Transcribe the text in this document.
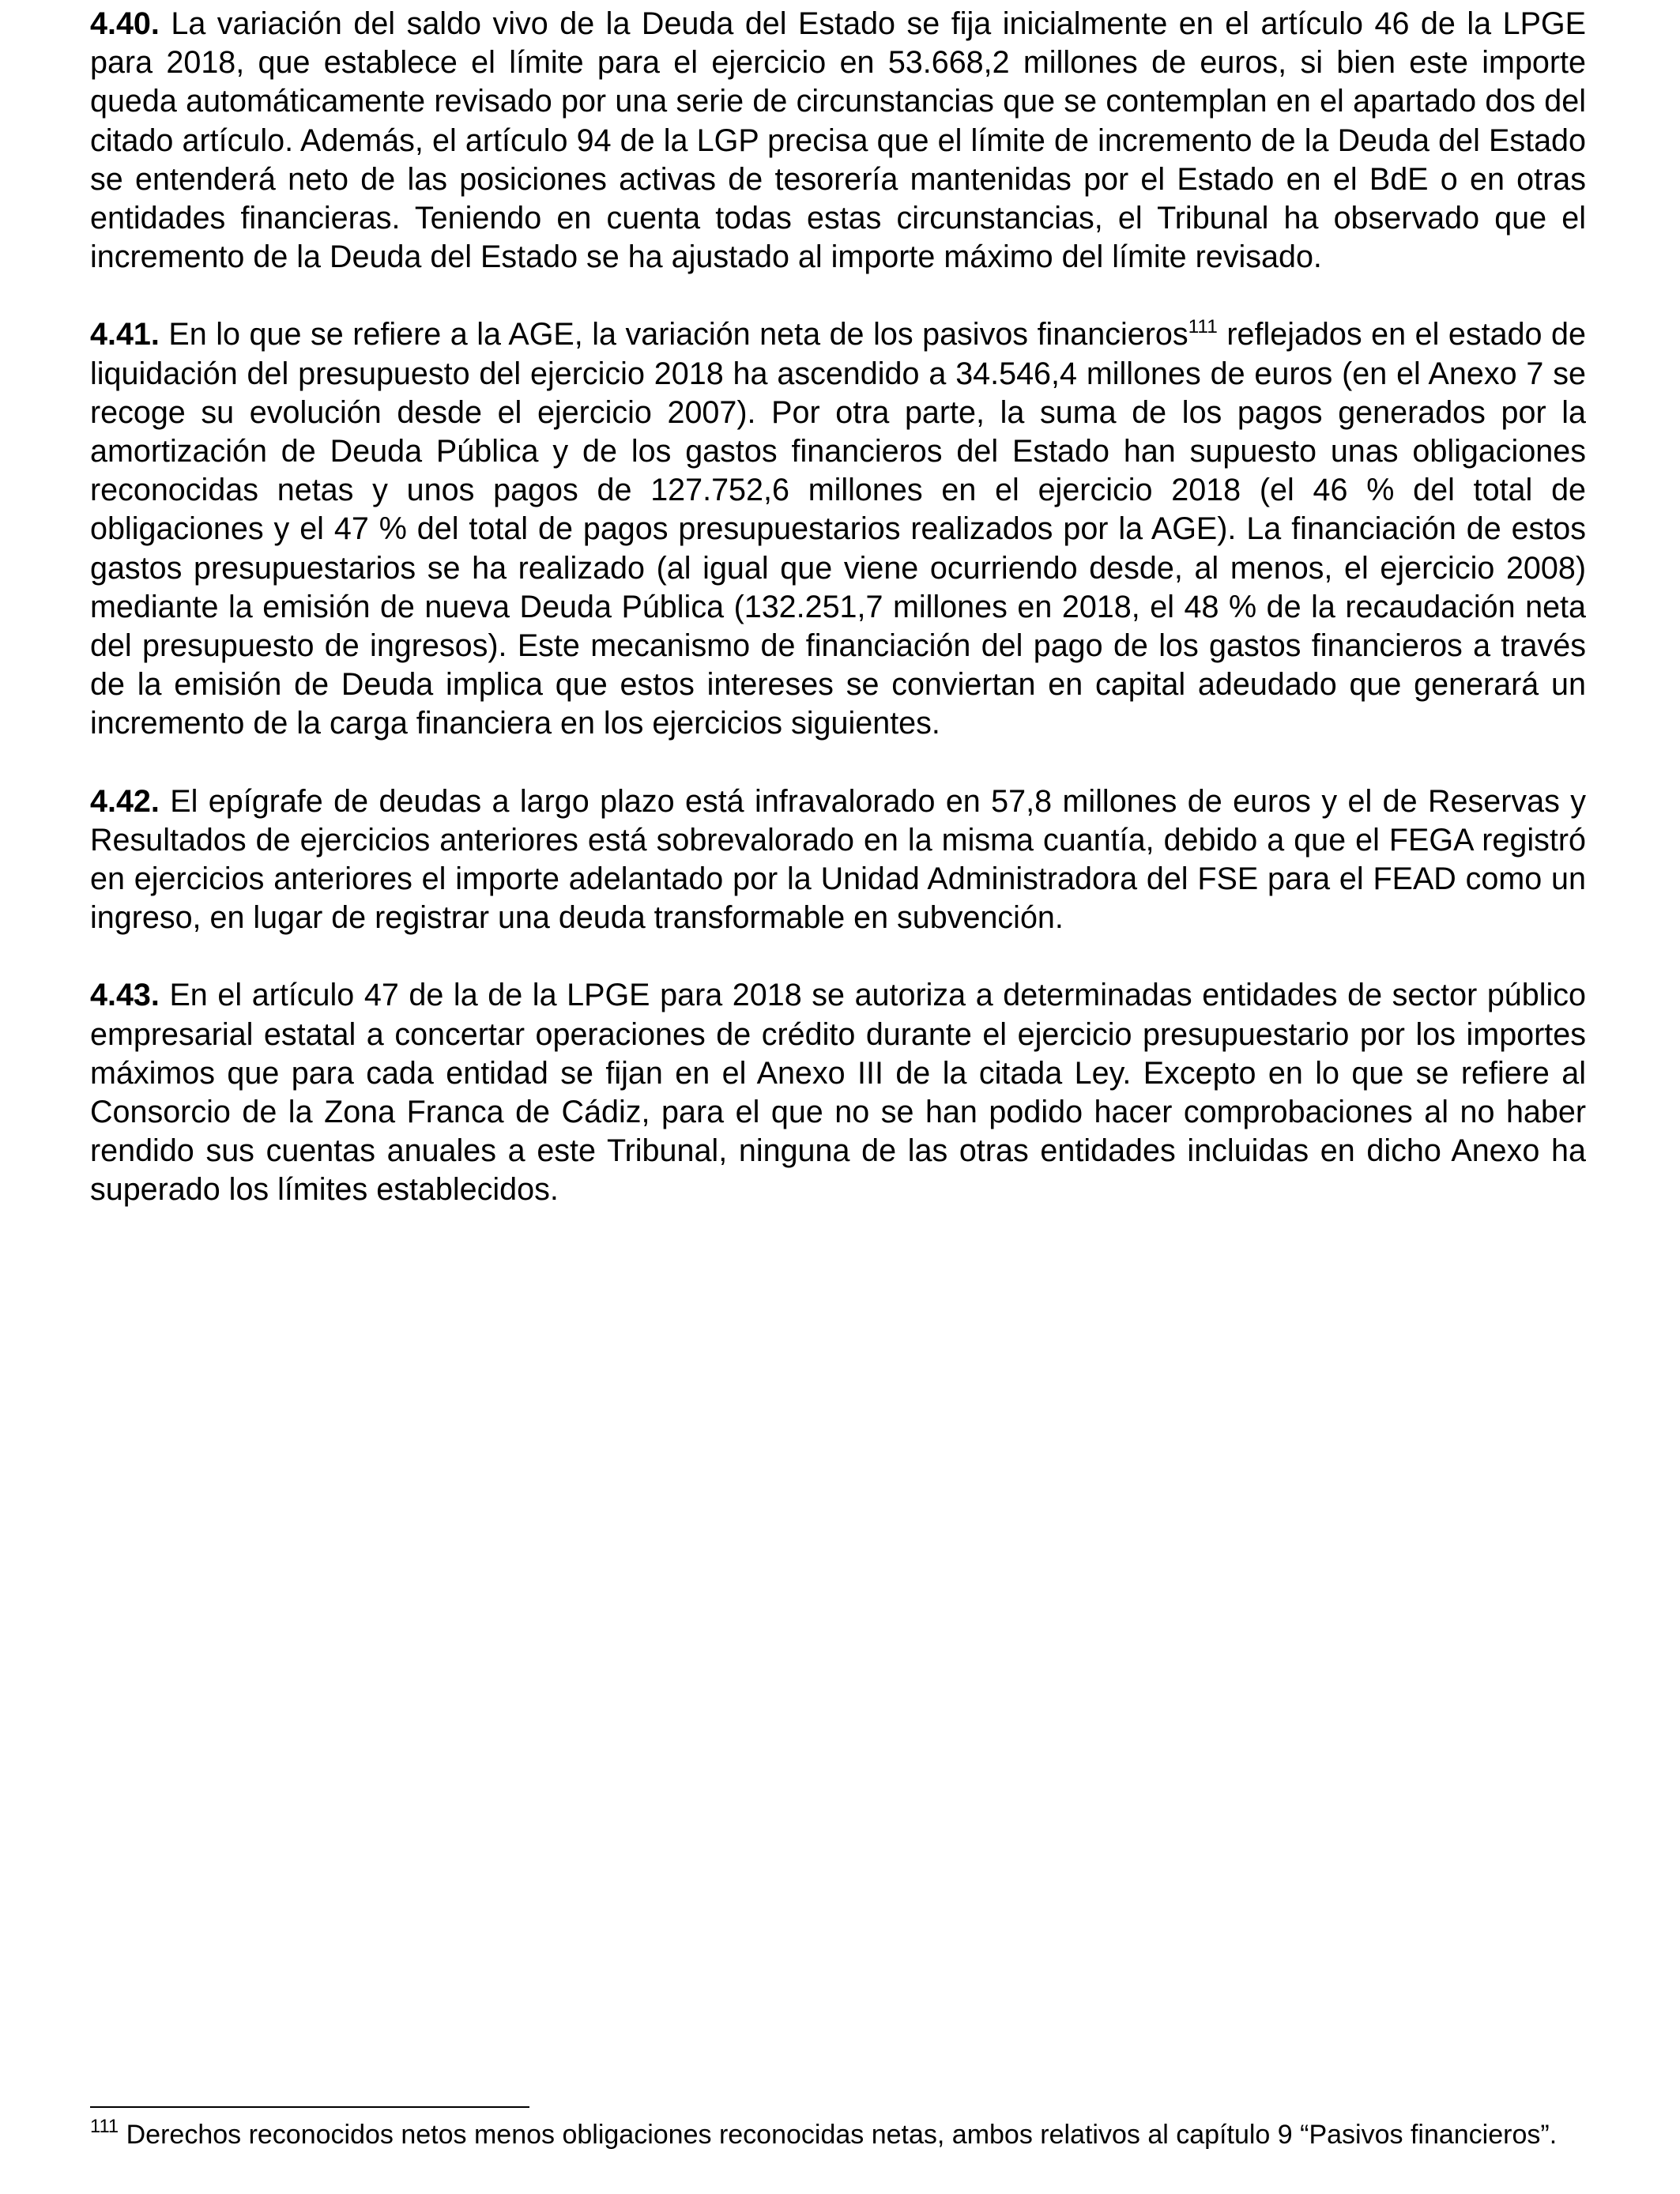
4.40. La variación del saldo vivo de la Deuda del Estado se fija inicialmente en el artículo 46 de la LPGE para 2018, que establece el límite para el ejercicio en 53.668,2 millones de euros, si bien este importe queda automáticamente revisado por una serie de circunstancias que se contemplan en el apartado dos del citado artículo. Además, el artículo 94 de la LGP precisa que el límite de incremento de la Deuda del Estado se entenderá neto de las posiciones activas de tesorería mantenidas por el Estado en el BdE o en otras entidades financieras. Teniendo en cuenta todas estas circunstancias, el Tribunal ha observado que el incremento de la Deuda del Estado se ha ajustado al importe máximo del límite revisado.

4.41. En lo que se refiere a la AGE, la variación neta de los pasivos financieros$^{111}$ reflejados en el estado de liquidación del presupuesto del ejercicio 2018 ha ascendido a 34.546,4 millones de euros (en el Anexo 7 se recoge su evolución desde el ejercicio 2007). Por otra parte, la suma de los pagos generados por la amortización de Deuda Pública y de los gastos financieros del Estado han supuesto unas obligaciones reconocidas netas y unos pagos de 127.752,6 millones en el ejercicio 2018 (el 46 % del total de obligaciones y el 47 % del total de pagos presupuestarios realizados por la AGE). La financiación de estos gastos presupuestarios se ha realizado (al igual que viene ocurriendo desde, al menos, el ejercicio 2008) mediante la emisión de nueva Deuda Pública (132.251,7 millones en 2018, el 48 % de la recaudación neta del presupuesto de ingresos). Este mecanismo de financiación del pago de los gastos financieros a través de la emisión de Deuda implica que estos intereses se conviertan en capital adeudado que generará un incremento de la carga financiera en los ejercicios siguientes.

4.42. El epígrafe de deudas a largo plazo está infravalorado en 57,8 millones de euros y el de Reservas y Resultados de ejercicios anteriores está sobrevalorado en la misma cuantía, debido a que el FEGA registró en ejercicios anteriores el importe adelantado por la Unidad Administradora del FSE para el FEAD como un ingreso, en lugar de registrar una deuda transformable en subvención.

4.43. En el artículo 47 de la de la LPGE para 2018 se autoriza a determinadas entidades de sector público empresarial estatal a concertar operaciones de crédito durante el ejercicio presupuestario por los importes máximos que para cada entidad se fijan en el Anexo III de la citada Ley. Excepto en lo que se refiere al Consorcio de la Zona Franca de Cádiz, para el que no se han podido hacer comprobaciones al no haber rendido sus cuentas anuales a este Tribunal, ninguna de las otras entidades incluidas en dicho Anexo ha superado los límites establecidos.

$^{111}$ Derechos reconocidos netos menos obligaciones reconocidas netas, ambos relativos al capítulo 9 “Pasivos financieros”.
